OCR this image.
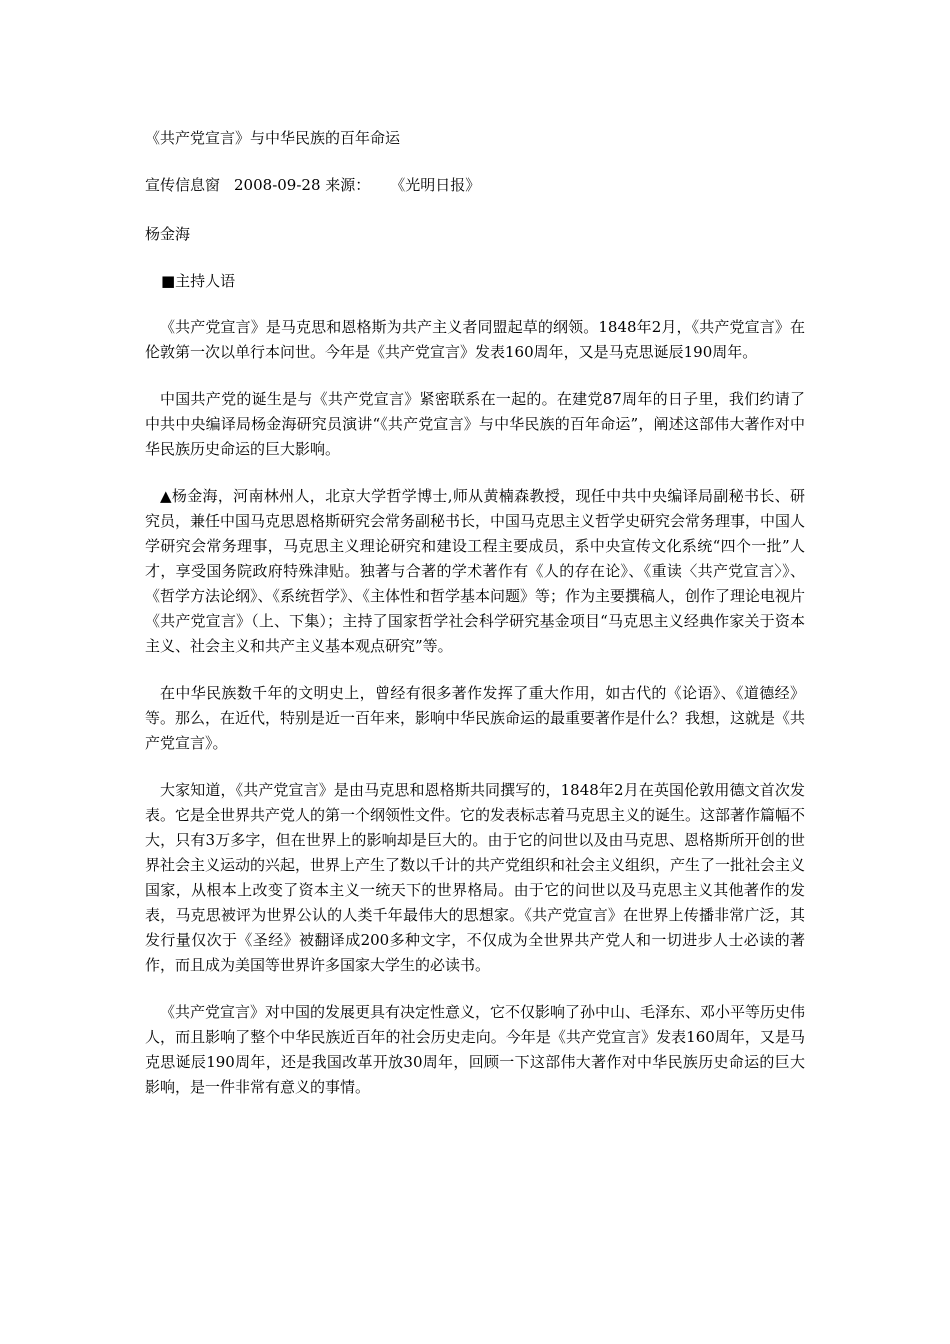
《共产党宣言》与中华民族的百年命运

宣传信息窗 2008-09-28 来源： 《光明日报》

杨金海

■主持人语

《共产党宣言》是马克思和恩格斯为共产主义者同盟起草的纲领。1848年2月，《共产党宣言》在伦敦第一次以单行本问世。今年是《共产党宣言》发表160周年，又是马克思诞辰190周年。

中国共产党的诞生是与《共产党宣言》紧密联系在一起的。在建党87周年的日子里，我们约请了中共中央编译局杨金海研究员演讲“《共产党宣言》与中华民族的百年命运”，阐述这部伟大著作对中华民族历史命运的巨大影响。

▲杨金海，河南林州人，北京大学哲学博士,师从黄楠森教授，现任中共中央编译局副秘书长、研究员，兼任中国马克思恩格斯研究会常务副秘书长，中国马克思主义哲学史研究会常务理事，中国人学研究会常务理事，马克思主义理论研究和建设工程主要成员，系中央宣传文化系统“四个一批”人才，享受国务院政府特殊津贴。独著与合著的学术著作有《人的存在论》、《重读〈共产党宣言〉》、《哲学方法论纲》、《系统哲学》、《主体性和哲学基本问题》等；作为主要撰稿人，创作了理论电视片《共产党宣言》（上、下集）；主持了国家哲学社会科学研究基金项目“马克思主义经典作家关于资本主义、社会主义和共产主义基本观点研究”等。

在中华民族数千年的文明史上，曾经有很多著作发挥了重大作用，如古代的《论语》、《道德经》等。那么，在近代，特别是近一百年来，影响中华民族命运的最重要著作是什么？我想，这就是《共产党宣言》。

大家知道，《共产党宣言》是由马克思和恩格斯共同撰写的，1848年2月在英国伦敦用德文首次发表。它是全世界共产党人的第一个纲领性文件。它的发表标志着马克思主义的诞生。这部著作篇幅不大，只有3万多字，但在世界上的影响却是巨大的。由于它的问世以及由马克思、恩格斯所开创的世界社会主义运动的兴起，世界上产生了数以千计的共产党组织和社会主义组织，产生了一批社会主义国家，从根本上改变了资本主义一统天下的世界格局。由于它的问世以及马克思主义其他著作的发表，马克思被评为世界公认的人类千年最伟大的思想家。《共产党宣言》在世界上传播非常广泛，其发行量仅次于《圣经》被翻译成200多种文字，不仅成为全世界共产党人和一切进步人士必读的著作，而且成为美国等世界许多国家大学生的必读书。

《共产党宣言》对中国的发展更具有决定性意义，它不仅影响了孙中山、毛泽东、邓小平等历史伟人，而且影响了整个中华民族近百年的社会历史走向。今年是《共产党宣言》发表160周年，又是马克思诞辰190周年，还是我国改革开放30周年，回顾一下这部伟大著作对中华民族历史命运的巨大影响，是一件非常有意义的事情。
